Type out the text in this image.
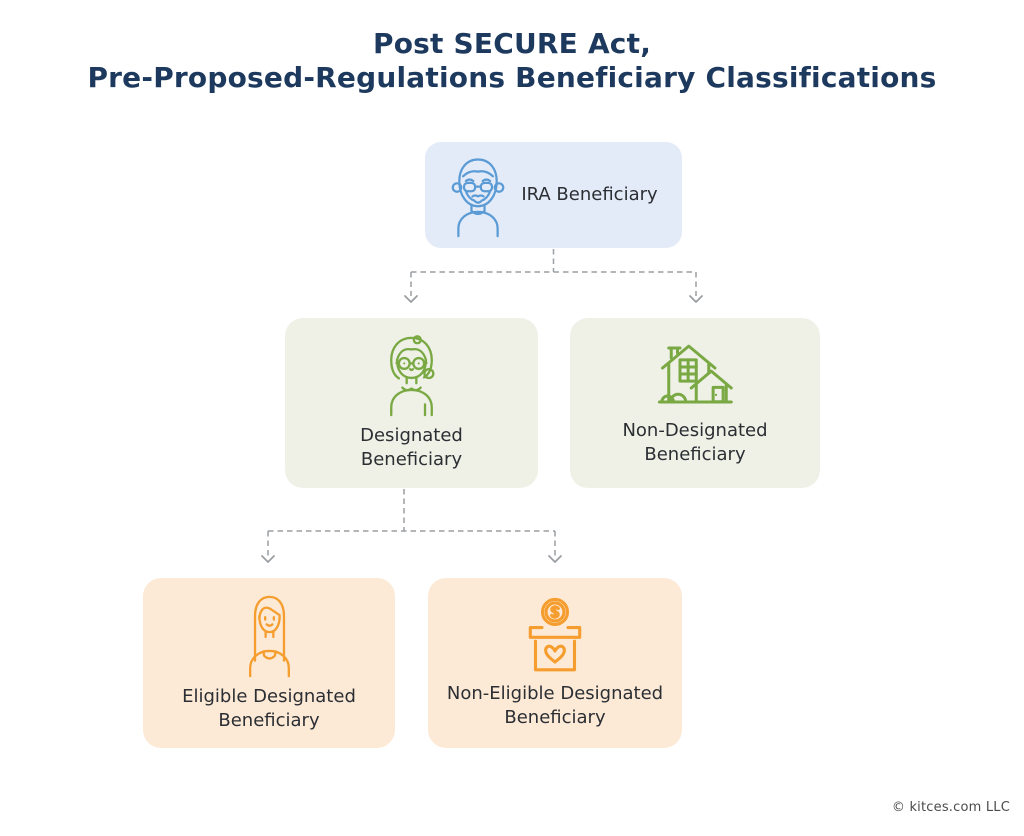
Post SECURE Act,
Pre-Proposed-Regulations Beneficiary Classifications
IRA Beneficiary
Designated
Beneficiary
Non-Designated
Beneficiary
Eligible Designated
Beneficiary
Non-Eligible Designated
Beneficiary
© kitces.com LLC
